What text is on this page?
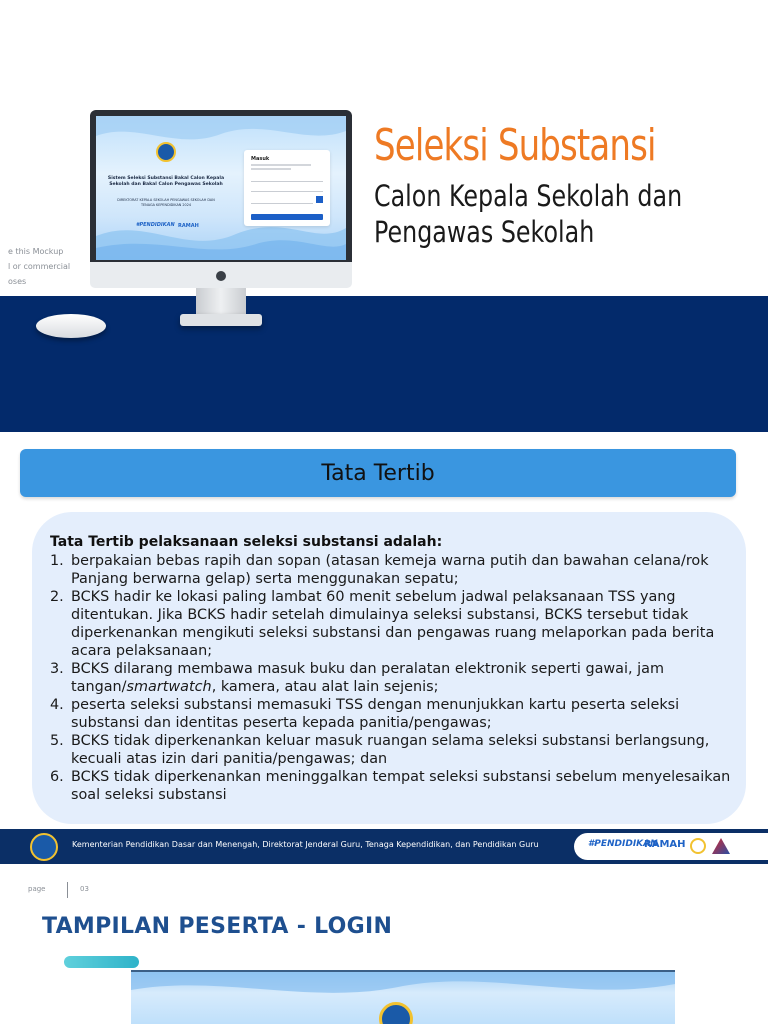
Sistem Seleksi Substansi Bakal Calon Kepala Sekolah dan Bakal Calon Pengawas Sekolah
DIREKTORAT KEPALA SEKOLAH PENGAWAS SEKOLAH DAN TENAGA KEPENDIDIKAN 2024
#PENDIDIKAN RAMAH
Masuk
e this Mockup
l or commercial
oses
Seleksi Substansi
Calon Kepala Sekolah dan
Pengawas Sekolah
Tata Tertib
Tata Tertib pelaksanaan seleksi substansi adalah:
1. berpakaian bebas rapih dan sopan (atasan kemeja warna putih dan bawahan celana/rok Panjang berwarna gelap) serta menggunakan sepatu;
2. BCKS hadir ke lokasi paling lambat 60 menit sebelum jadwal pelaksanaan TSS yang ditentukan. Jika BCKS hadir setelah dimulainya seleksi substansi, BCKS tersebut tidak diperkenankan mengikuti seleksi substansi dan pengawas ruang melaporkan pada berita acara pelaksanaan;
3. BCKS dilarang membawa masuk buku dan peralatan elektronik seperti gawai, jam tangan/smartwatch, kamera, atau alat lain sejenis;
4. peserta seleksi substansi memasuki TSS dengan menunjukkan kartu peserta seleksi substansi dan identitas peserta kepada panitia/pengawas;
5. BCKS tidak diperkenankan keluar masuk ruangan selama seleksi substansi berlangsung, kecuali atas izin dari panitia/pengawas; dan
6. BCKS tidak diperkenankan meninggalkan tempat seleksi substansi sebelum menyelesaikan soal seleksi substansi
Kementerian Pendidikan Dasar dan Menengah, Direktorat Jenderal Guru, Tenaga Kependidikan, dan Pendidikan Guru	#PENDIDIKAN
RAMAH
page	03
TAMPILAN PESERTA - LOGIN
